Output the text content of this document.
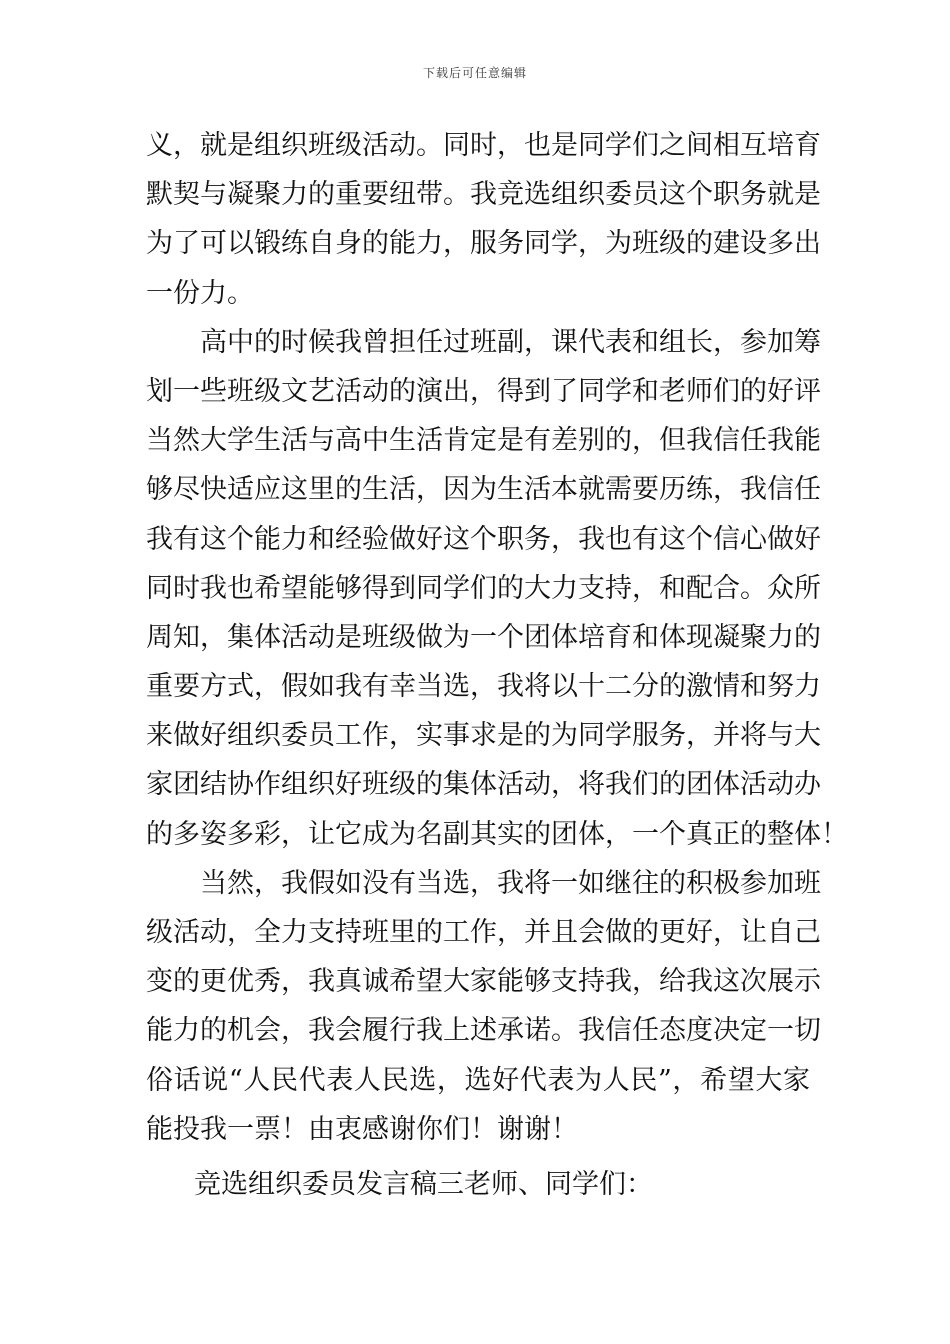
下载后可任意编辑
义，就是组织班级活动。同时，也是同学们之间相互培育
默契与凝聚力的重要纽带。我竞选组织委员这个职务就是
为了可以锻练自身的能力，服务同学，为班级的建设多出
一份力。
高中的时候我曾担任过班副，课代表和组长，参加筹
划一些班级文艺活动的演出，得到了同学和老师们的好评
当然大学生活与高中生活肯定是有差别的，但我信任我能
够尽快适应这里的生活，因为生活本就需要历练，我信任
我有这个能力和经验做好这个职务，我也有这个信心做好
同时我也希望能够得到同学们的大力支持，和配合。众所
周知，集体活动是班级做为一个团体培育和体现凝聚力的
重要方式，假如我有幸当选，我将以十二分的激情和努力
来做好组织委员工作，实事求是的为同学服务，并将与大
家团结协作组织好班级的集体活动，将我们的团体活动办
的多姿多彩，让它成为名副其实的团体，一个真正的整体！
当然，我假如没有当选，我将一如继往的积极参加班
级活动，全力支持班里的工作，并且会做的更好，让自己
变的更优秀，我真诚希望大家能够支持我，给我这次展示
能力的机会，我会履行我上述承诺。我信任态度决定一切
俗话说“人民代表人民选，选好代表为人民”，希望大家
能投我一票！由衷感谢你们！谢谢！
竞选组织委员发言稿三老师、同学们：
